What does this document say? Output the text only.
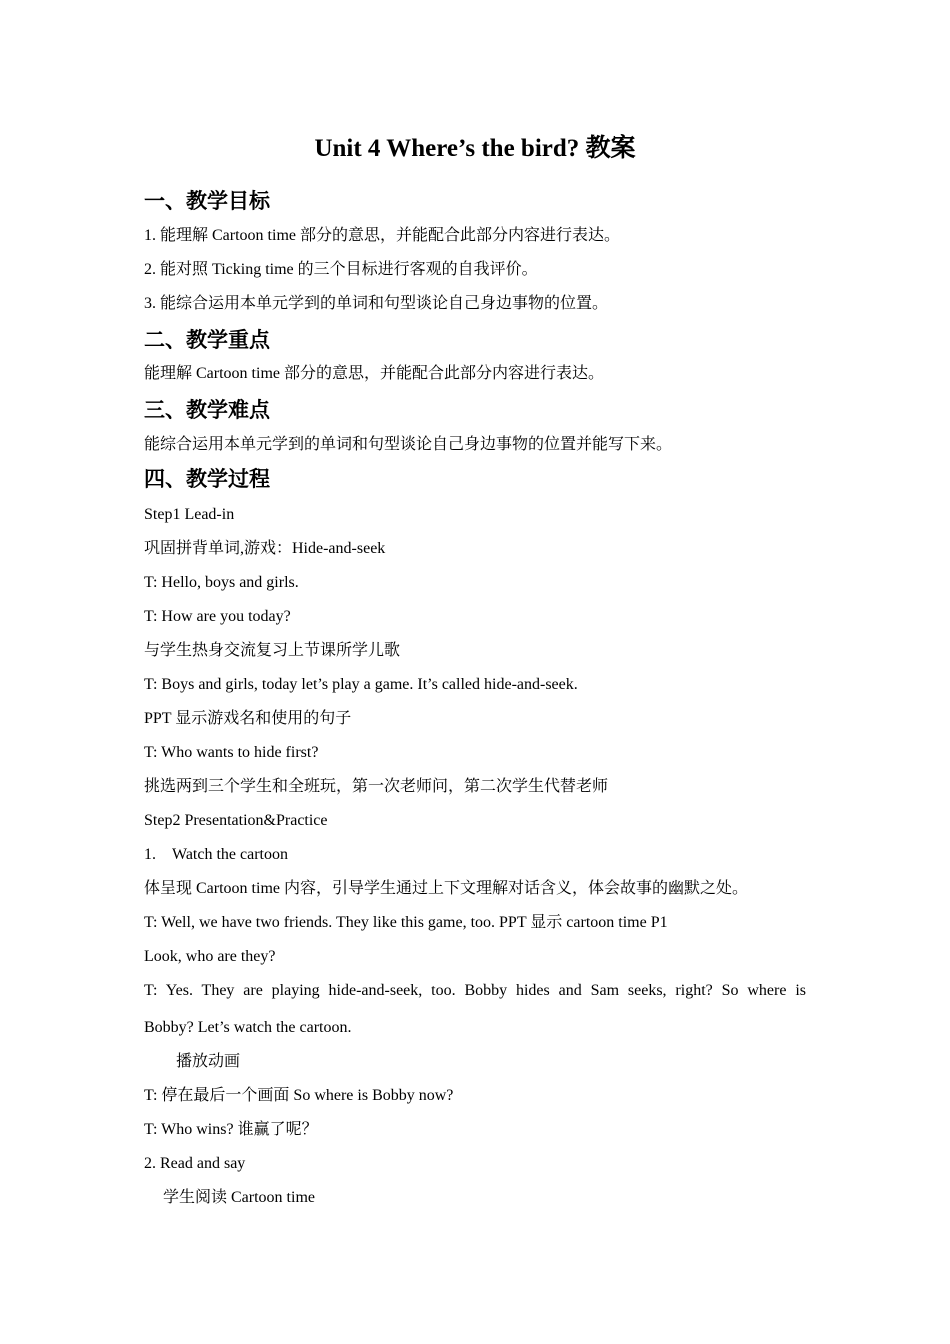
Unit 4 Where’s the bird? 教案
一、教学目标
1. 能理解 Cartoon time 部分的意思，并能配合此部分内容进行表达。
2. 能对照 Ticking time 的三个目标进行客观的自我评价。
3. 能综合运用本单元学到的单词和句型谈论自己身边事物的位置。
二、教学重点
能理解 Cartoon time 部分的意思，并能配合此部分内容进行表达。
三、教学难点
能综合运用本单元学到的单词和句型谈论自己身边事物的位置并能写下来。
四、教学过程
Step1 Lead-in
巩固拼背单词,游戏：Hide-and-seek
T: Hello, boys and girls.
T: How are you today?
与学生热身交流复习上节课所学儿歌
T: Boys and girls, today let’s play a game. It’s called hide-and-seek.
PPT 显示游戏名和使用的句子
T: Who wants to hide first?
挑选两到三个学生和全班玩，第一次老师问，第二次学生代替老师
Step2 Presentation&Practice
1. Watch the cartoon
体呈现 Cartoon time 内容，引导学生通过上下文理解对话含义，体会故事的幽默之处。
T: Well, we have two friends. They like this game, too. PPT 显示 cartoon time P1
Look, who are they?
T: Yes. They are playing hide-and-seek, too. Bobby hides and Sam seeks, right? So where is
Bobby? Let’s watch the cartoon.
播放动画
T: 停在最后一个画面 So where is Bobby now?
T: Who wins? 谁赢了呢？
2. Read and say
学生阅读 Cartoon time
